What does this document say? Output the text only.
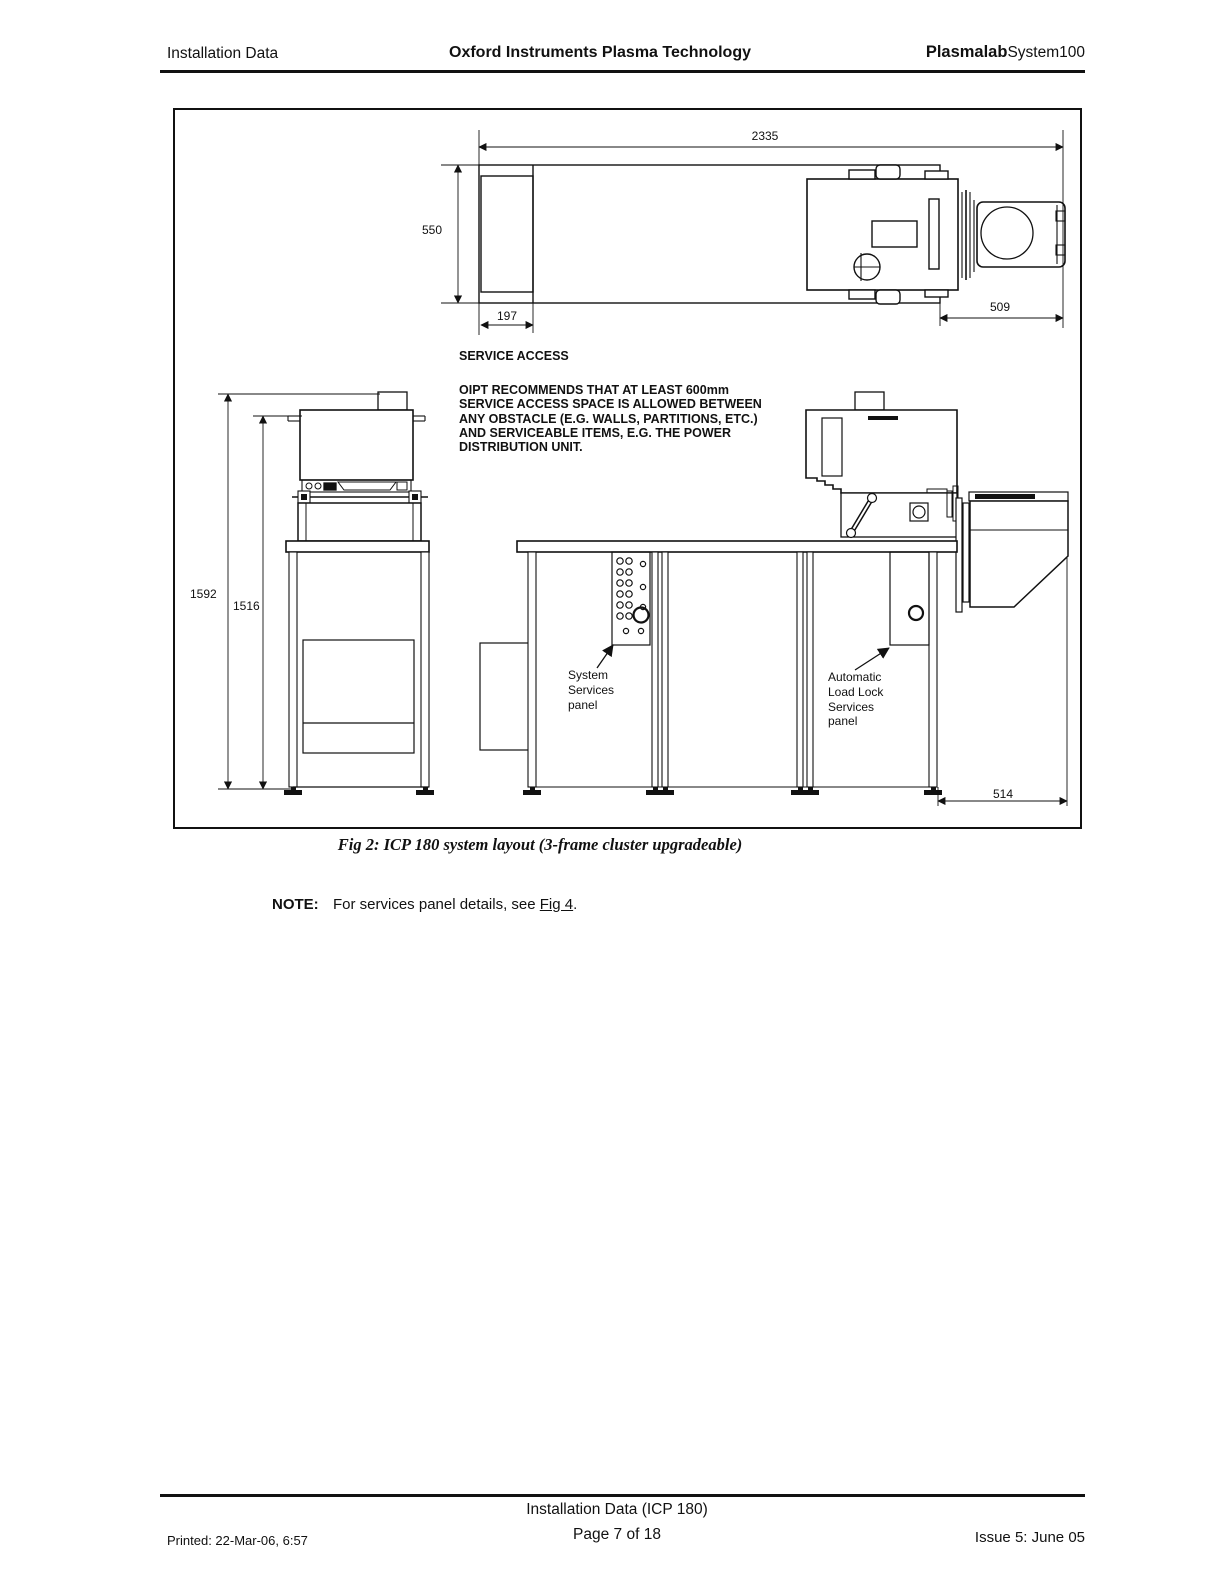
Installation Data	Oxford Instruments Plasma Technology	PlasmalabSystem100
SERVICE ACCESS
OIPT RECOMMENDS THAT AT LEAST 600mm
SERVICE ACCESS SPACE IS ALLOWED BETWEEN
ANY OBSTACLE (E.G. WALLS, PARTITIONS, ETC.)
AND SERVICEABLE ITEMS, E.G. THE POWER
DISTRIBUTION UNIT.
2335
550
197
509
1592
1516
514
System
Services
panel
Automatic
Load Lock
Services
panel
Fig 2: ICP 180 system layout (3-frame cluster upgradeable)
NOTE: For services panel details, see Fig 4.
Installation Data (ICP 180)
Page 7 of 18
Printed: 22-Mar-06, 6:57	Issue 5: June 05
